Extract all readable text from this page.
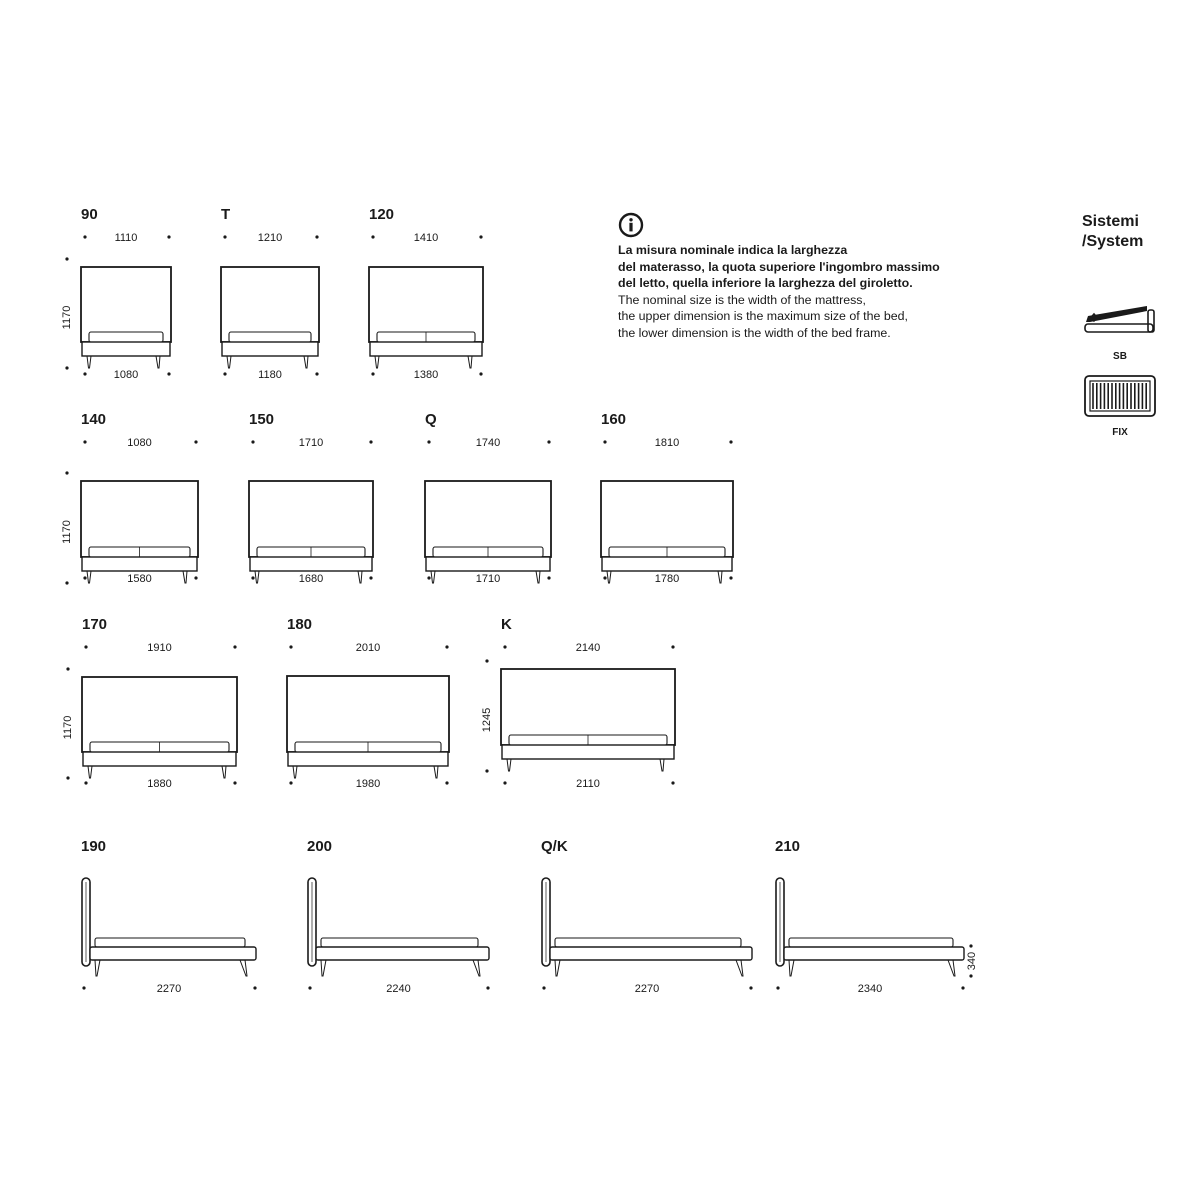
90
1110
1080
1170
T
1210
1180
120
1410
1380
140
1080
1580
1170
150
1710
1680
Q
1740
1710
160
1810
1780
170
1910
1880
1170
180
2010
1980
K
2140
2110
1245
190
2270
200
2240
Q/K
2270
210
2340
340
La misura nominale indica la larghezza
del materasso, la quota superiore l'ingombro massimo
del letto, quella inferiore la larghezza del giroletto.
The nominal size is the width of the mattress,
the upper dimension is the maximum size of the bed,
the lower dimension is the width of the bed frame.
Sistemi
/System
SB
FIX
